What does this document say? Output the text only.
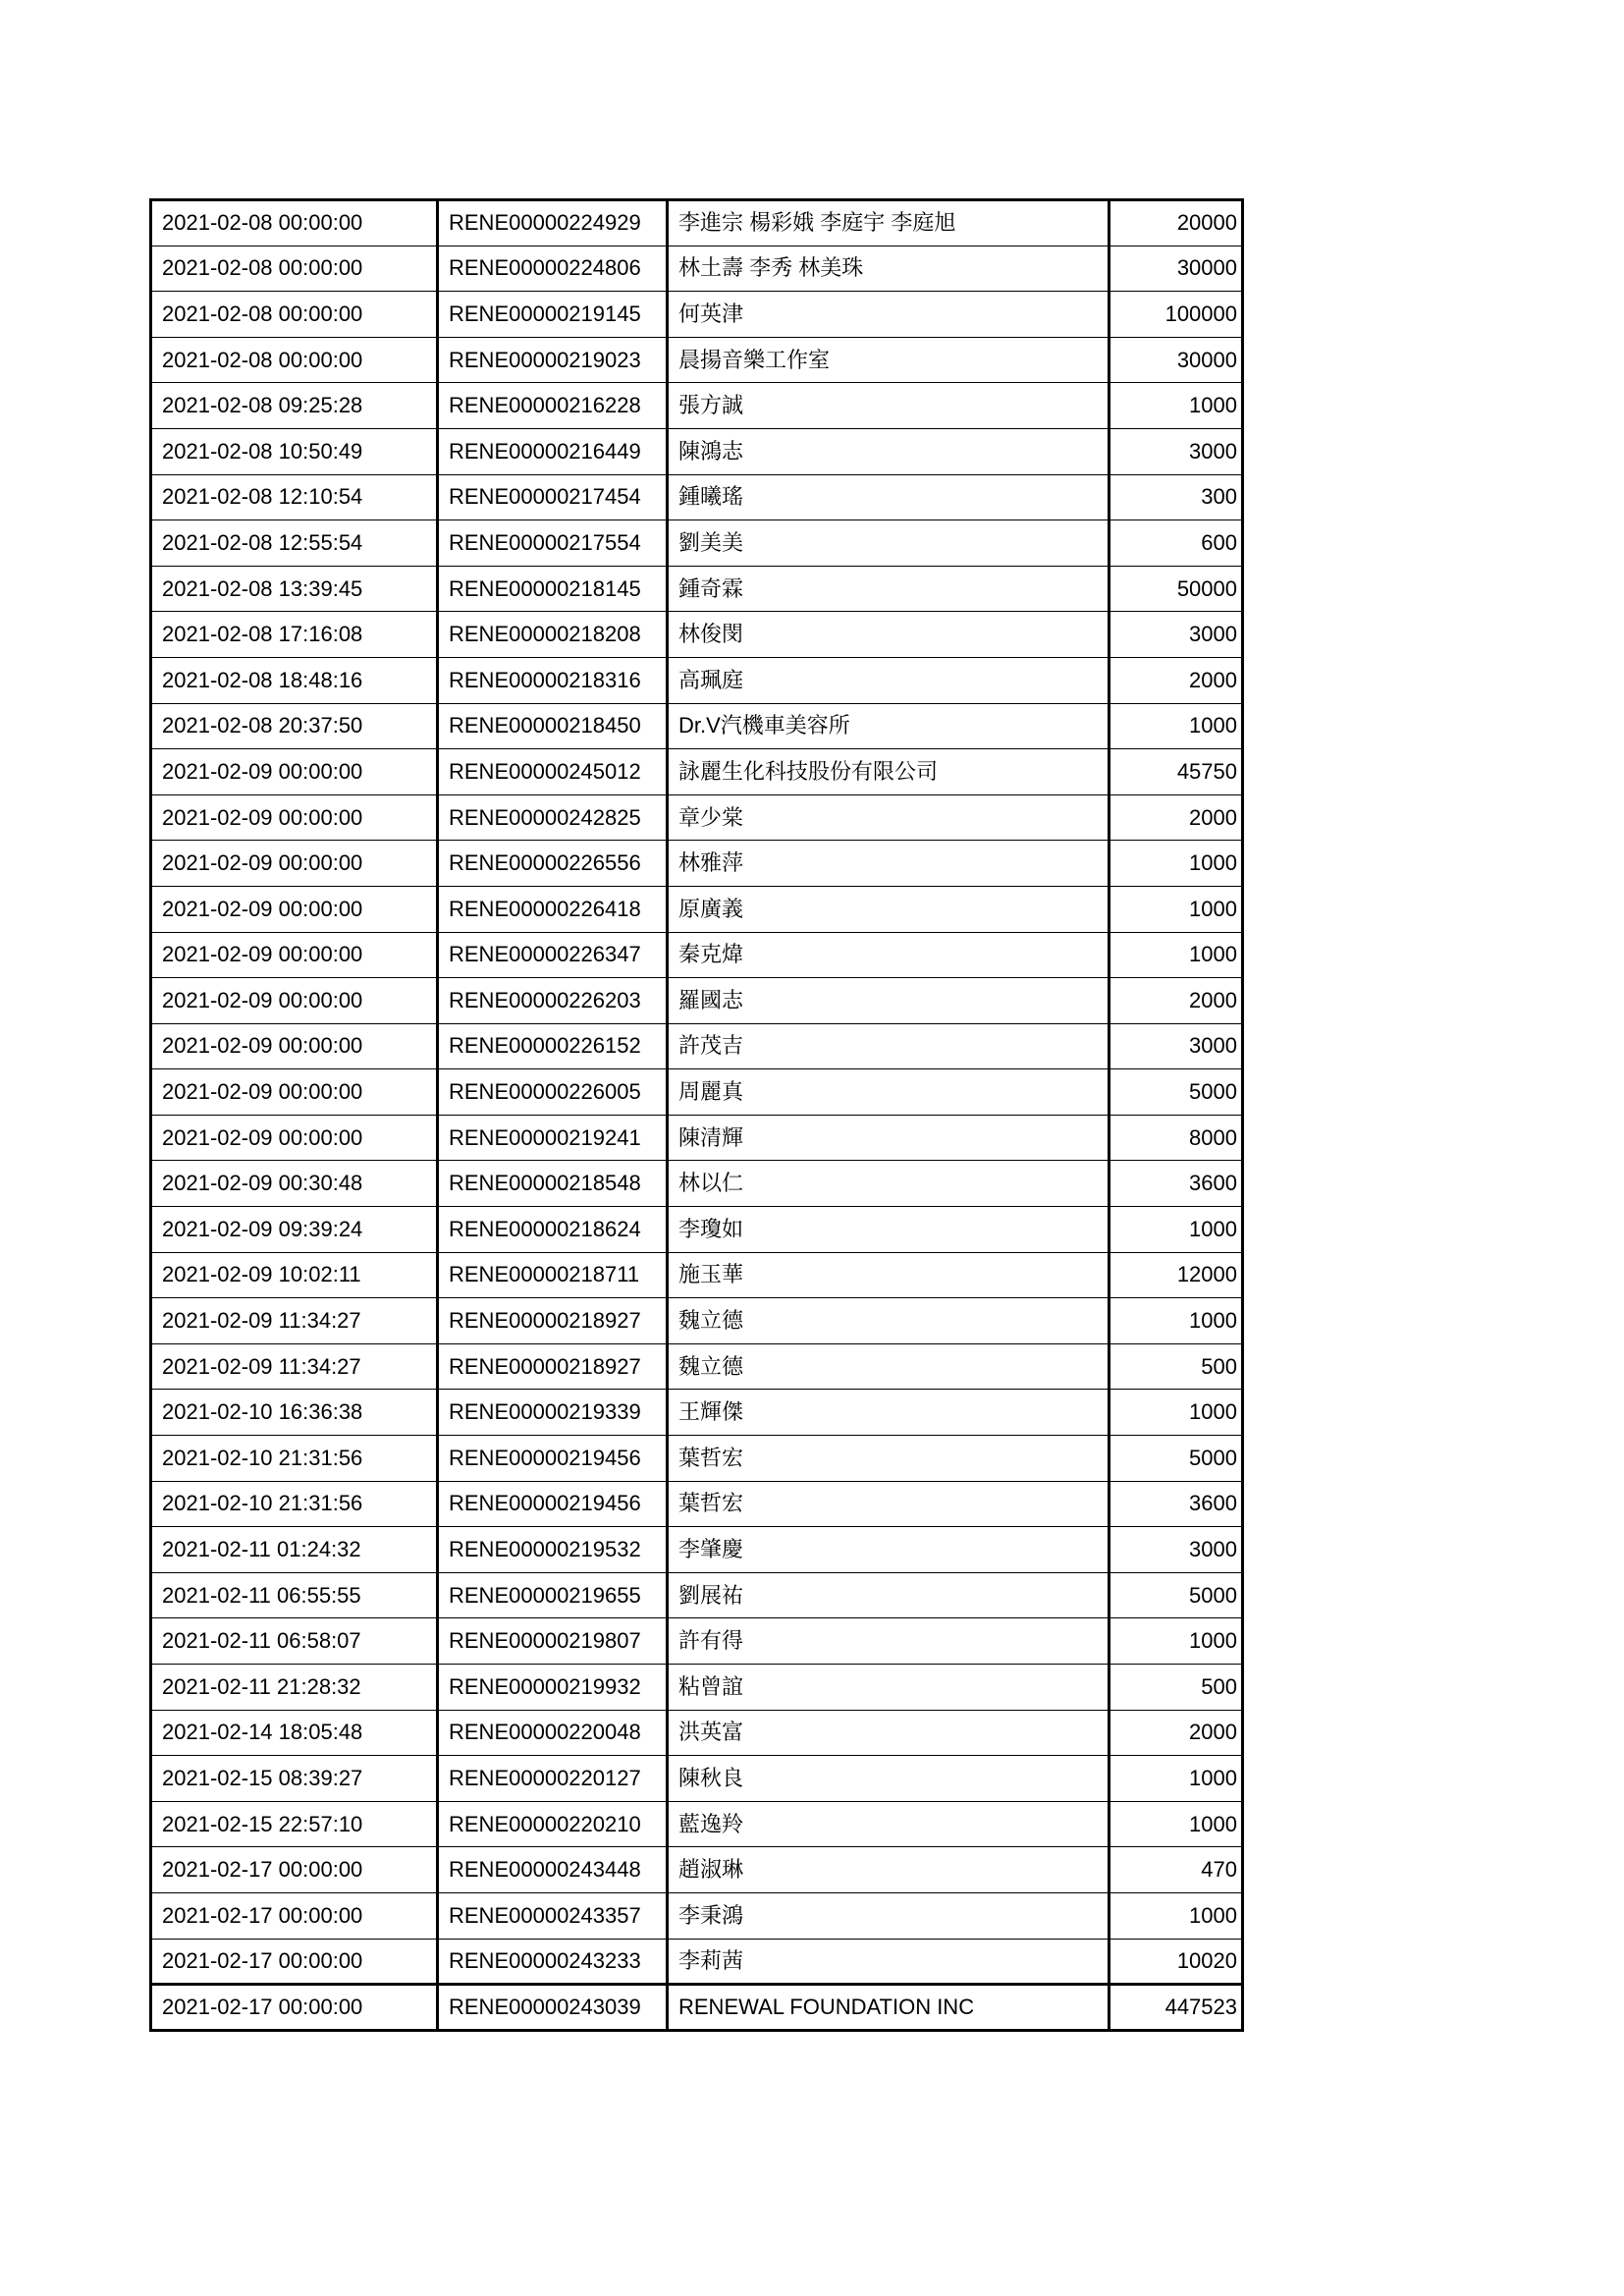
2021-02-08 00:00:00	RENE00000224929	李進宗 楊彩娥 李庭宇 李庭旭	20000
2021-02-08 00:00:00	RENE00000224806	林土壽 李秀 林美珠	30000
2021-02-08 00:00:00	RENE00000219145	何英津	100000
2021-02-08 00:00:00	RENE00000219023	晨揚音樂工作室	30000
2021-02-08 09:25:28	RENE00000216228	張方誠	1000
2021-02-08 10:50:49	RENE00000216449	陳鴻志	3000
2021-02-08 12:10:54	RENE00000217454	鍾曦瑤	300
2021-02-08 12:55:54	RENE00000217554	劉美美	600
2021-02-08 13:39:45	RENE00000218145	鍾奇霖	50000
2021-02-08 17:16:08	RENE00000218208	林俊閔	3000
2021-02-08 18:48:16	RENE00000218316	高珮庭	2000
2021-02-08 20:37:50	RENE00000218450	Dr.V汽機車美容所	1000
2021-02-09 00:00:00	RENE00000245012	詠麗生化科技股份有限公司	45750
2021-02-09 00:00:00	RENE00000242825	章少棠	2000
2021-02-09 00:00:00	RENE00000226556	林雅萍	1000
2021-02-09 00:00:00	RENE00000226418	原廣義	1000
2021-02-09 00:00:00	RENE00000226347	秦克煒	1000
2021-02-09 00:00:00	RENE00000226203	羅國志	2000
2021-02-09 00:00:00	RENE00000226152	許茂吉	3000
2021-02-09 00:00:00	RENE00000226005	周麗真	5000
2021-02-09 00:00:00	RENE00000219241	陳清輝	8000
2021-02-09 00:30:48	RENE00000218548	林以仁	3600
2021-02-09 09:39:24	RENE00000218624	李瓊如	1000
2021-02-09 10:02:11	RENE00000218711	施玉華	12000
2021-02-09 11:34:27	RENE00000218927	魏立德	1000
2021-02-09 11:34:27	RENE00000218927	魏立德	500
2021-02-10 16:36:38	RENE00000219339	王輝傑	1000
2021-02-10 21:31:56	RENE00000219456	葉哲宏	5000
2021-02-10 21:31:56	RENE00000219456	葉哲宏	3600
2021-02-11 01:24:32	RENE00000219532	李肇慶	3000
2021-02-11 06:55:55	RENE00000219655	劉展祐	5000
2021-02-11 06:58:07	RENE00000219807	許有得	1000
2021-02-11 21:28:32	RENE00000219932	粘曾誼	500
2021-02-14 18:05:48	RENE00000220048	洪英富	2000
2021-02-15 08:39:27	RENE00000220127	陳秋良	1000
2021-02-15 22:57:10	RENE00000220210	藍逸羚	1000
2021-02-17 00:00:00	RENE00000243448	趙淑琳	470
2021-02-17 00:00:00	RENE00000243357	李秉鴻	1000
2021-02-17 00:00:00	RENE00000243233	李莉茜	10020
2021-02-17 00:00:00	RENE00000243039	RENEWAL FOUNDATION INC	447523
